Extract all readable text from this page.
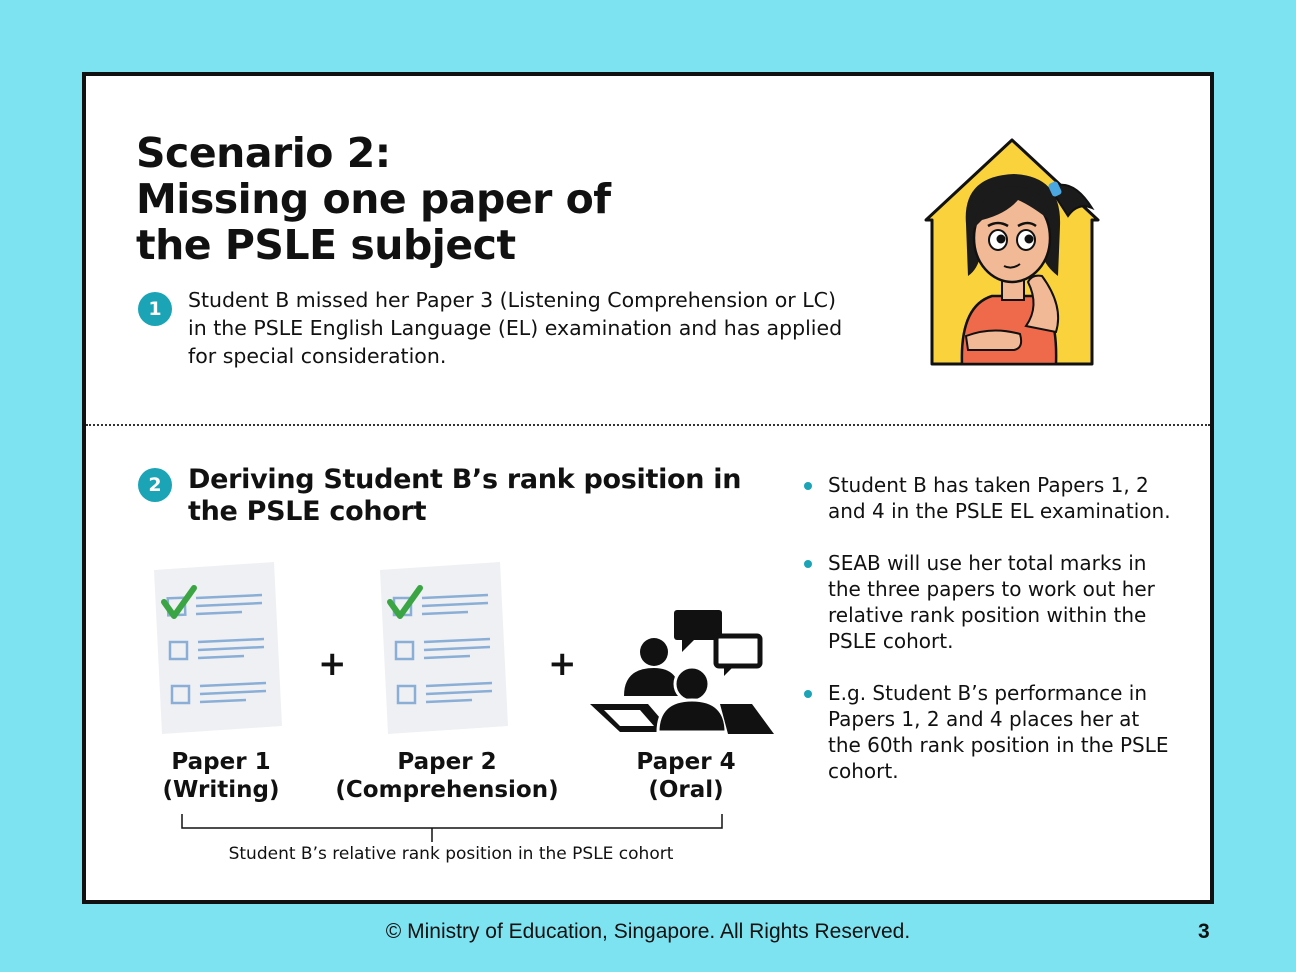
Scenario 2:
Missing one paper of
the PSLE subject
1	Student B missed her Paper 3 (Listening Comprehension or LC) in the PSLE English Language (EL) examination and has applied for special consideration.
2 Deriving Student B’s rank position in the PSLE cohort
+	+
Paper 1
(Writing)
Paper 2
(Comprehension)
Paper 4
(Oral)
Student B’s relative rank position in the PSLE cohort
Student B has taken Papers 1, 2 and 4 in the PSLE EL examination.
SEAB will use her total marks in the three papers to work out her relative rank position within the PSLE cohort.
E.g. Student B’s performance in Papers 1, 2 and 4 places her at the 60th rank position in the PSLE cohort.
© Ministry of Education, Singapore. All Rights Reserved.	3
